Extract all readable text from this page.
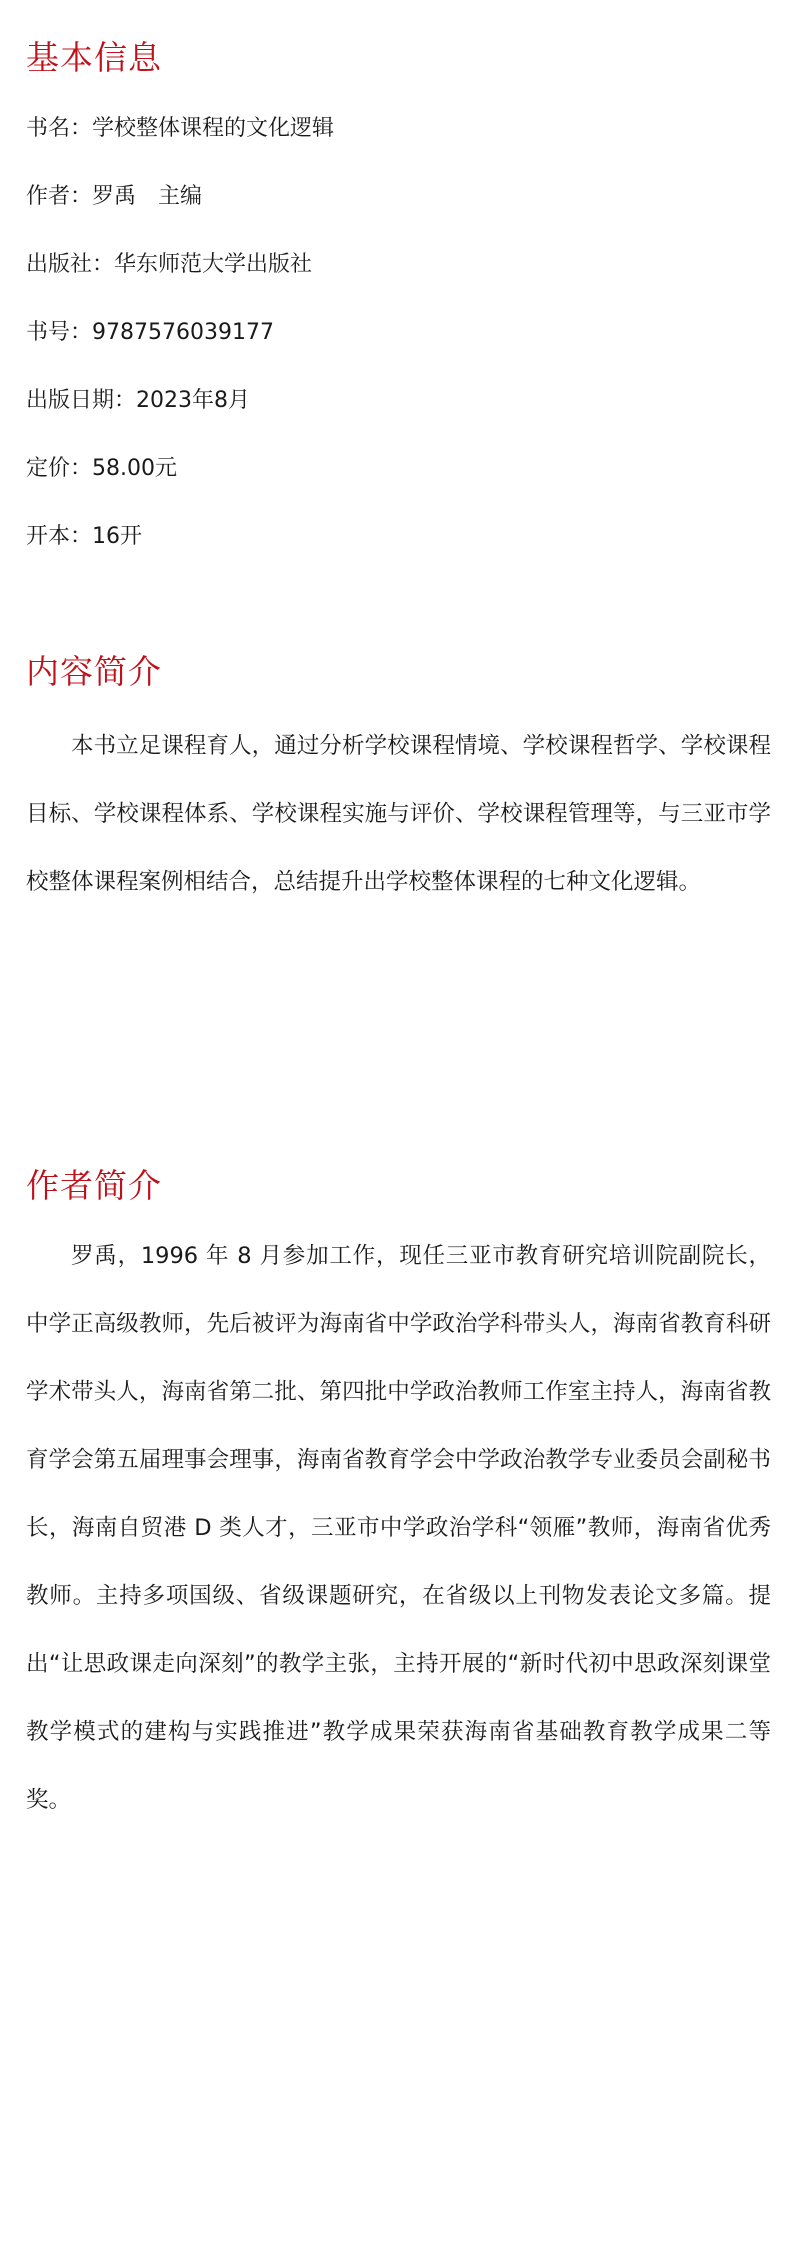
基本信息

书名：学校整体课程的文化逻辑

作者：罗禹　主编

出版社：华东师范大学出版社

书号：9787576039177

出版日期：2023年8月

定价：58.00元

开本：16开

内容简介

本书立足课程育人，通过分析学校课程情境、学校课程哲学、学校课程目标、学校课程体系、学校课程实施与评价、学校课程管理等，与三亚市学校整体课程案例相结合，总结提升出学校整体课程的七种文化逻辑。

作者简介

罗禹，1996 年 8 月参加工作，现任三亚市教育研究培训院副院长，中学正高级教师，先后被评为海南省中学政治学科带头人，海南省教育科研学术带头人，海南省第二批、第四批中学政治教师工作室主持人，海南省教育学会第五届理事会理事，海南省教育学会中学政治教学专业委员会副秘书长，海南自贸港 D 类人才，三亚市中学政治学科“领雁”教师，海南省优秀教师。主持多项国级、省级课题研究，在省级以上刊物发表论文多篇。提出“让思政课走向深刻”的教学主张，主持开展的“新时代初中思政深刻课堂教学模式的建构与实践推进”教学成果荣获海南省基础教育教学成果二等奖。
